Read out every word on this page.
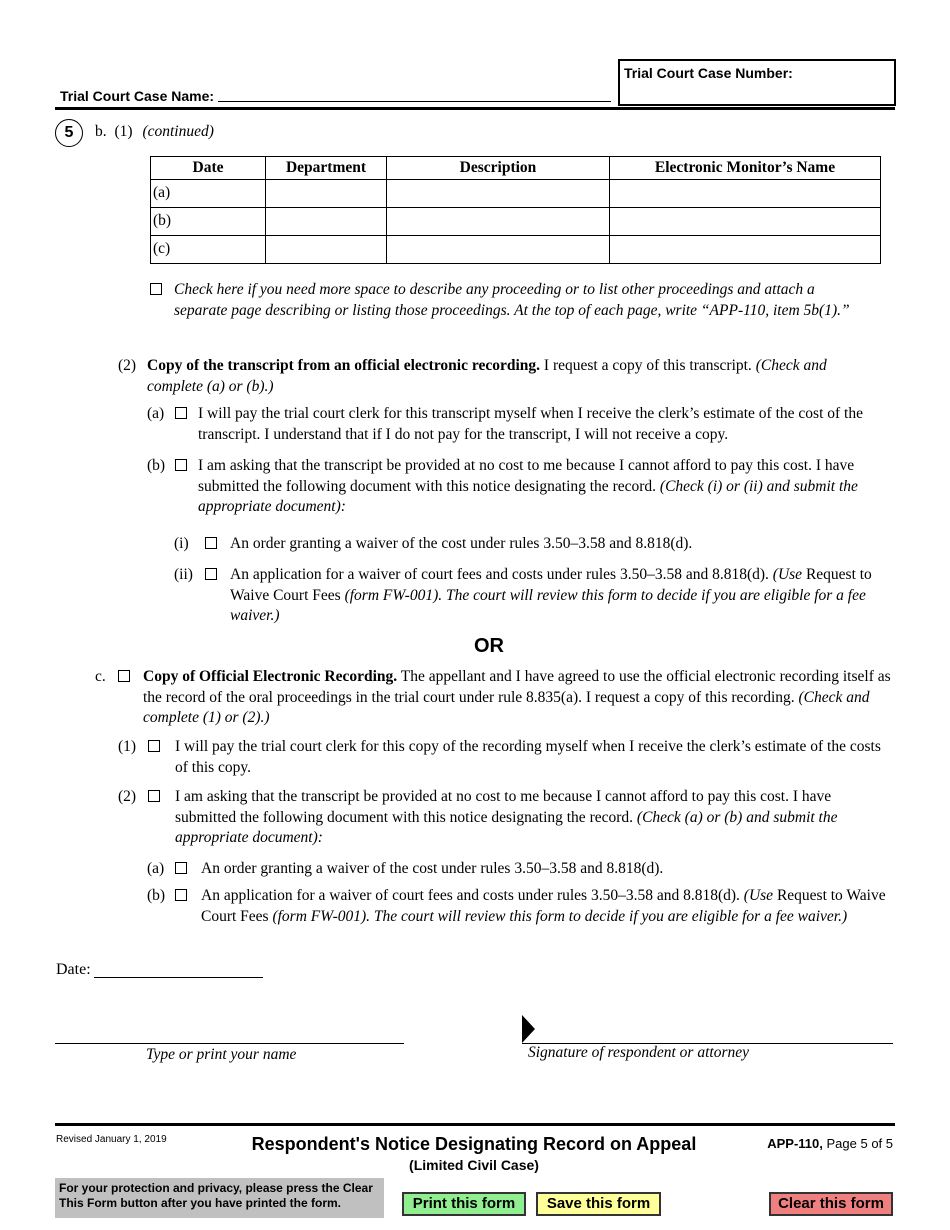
Trial Court Case Name:
Trial Court Case Number:
5	b. (1) (continued)
Date	Department	Description	Electronic Monitor’s Name
(a)			
(b)			
(c)			
Check here if you need more space to describe any proceeding or to list other proceedings and attach a separate page describing or listing those proceedings. At the top of each page, write “APP-110, item 5b(1).”
(2) Copy of the transcript from an official electronic recording. I request a copy of this transcript. (Check and complete (a) or (b).)
(a) I will pay the trial court clerk for this transcript myself when I receive the clerk’s estimate of the cost of the transcript. I understand that if I do not pay for the transcript, I will not receive a copy.
(b) I am asking that the transcript be provided at no cost to me because I cannot afford to pay this cost. I have submitted the following document with this notice designating the record. (Check (i) or (ii) and submit the appropriate document):
(i)	An order granting a waiver of the cost under rules 3.50–3.58 and 8.818(d).
(ii) An application for a waiver of court fees and costs under rules 3.50–3.58 and 8.818(d). (Use Request to Waive Court Fees (form FW-001). The court will review this form to decide if you are eligible for a fee waiver.)
OR
c. Copy of Official Electronic Recording. The appellant and I have agreed to use the official electronic recording itself as the record of the oral proceedings in the trial court under rule 8.835(a). I request a copy of this recording. (Check and complete (1) or (2).)
(1)	I will pay the trial court clerk for this copy of the recording myself when I receive the clerk’s estimate of the costs of this copy.
(2)	I am asking that the transcript be provided at no cost to me because I cannot afford to pay this cost. I have submitted the following document with this notice designating the record. (Check (a) or (b) and submit the appropriate document):
(a) An order granting a waiver of the cost under rules 3.50–3.58 and 8.818(d).
(b) An application for a waiver of court fees and costs under rules 3.50–3.58 and 8.818(d). (Use Request to Waive Court Fees (form FW-001). The court will review this form to decide if you are eligible for a fee waiver.)
Date:
Type or print your name	Signature of respondent or attorney
Revised January 1, 2019	Respondent's Notice Designating Record on Appeal
(Limited Civil Case)
APP-110, Page 5 of 5
For your protection and privacy, please press the Clear This Form button after you have printed the form.	Print this form	Save this form	Clear this form
